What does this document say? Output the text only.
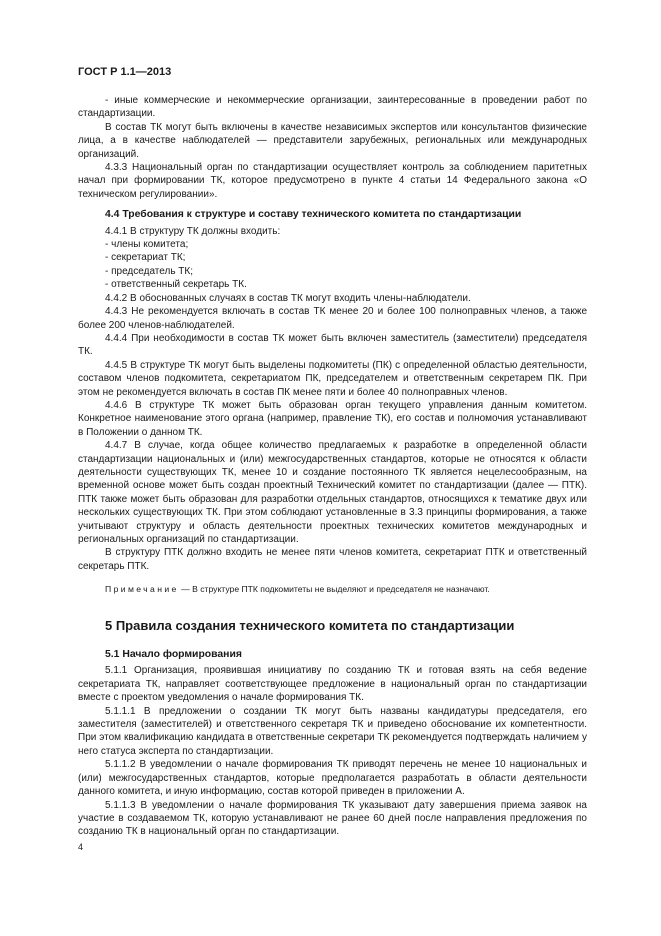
ГОСТ Р 1.1—2013

- иные коммерческие и некоммерческие организации, заинтересованные в проведении работ по стандартизации.

В состав ТК могут быть включены в качестве независимых экспертов или консультантов физические лица, а в качестве наблюдателей — представители зарубежных, региональных или международных организаций.

4.3.3 Национальный орган по стандартизации осуществляет контроль за соблюдением паритетных начал при формировании ТК, которое предусмотрено в пункте 4 статьи 14 Федерального закона «О техническом регулировании».

4.4 Требования к структуре и составу технического комитета по стандартизации

4.4.1 В структуру ТК должны входить:

- члены комитета;

- секретариат ТК;

- председатель ТК;

- ответственный секретарь ТК.

4.4.2 В обоснованных случаях в состав ТК могут входить члены-наблюдатели.

4.4.3 Не рекомендуется включать в состав ТК менее 20 и более 100 полноправных членов, а также более 200 членов-наблюдателей.

4.4.4 При необходимости в состав ТК может быть включен заместитель (заместители) председателя ТК.

4.4.5 В структуре ТК могут быть выделены подкомитеты (ПК) с определенной областью деятельности, составом членов подкомитета, секретариатом ПК, председателем и ответственным секретарем ПК. При этом не рекомендуется включать в состав ПК менее пяти и более 40 полноправных членов.

4.4.6 В структуре ТК может быть образован орган текущего управления данным комитетом. Конкретное наименование этого органа (например, правление ТК), его состав и полномочия устанавливают в Положении о данном ТК.

4.4.7 В случае, когда общее количество предлагаемых к разработке в определенной области стандартизации национальных и (или) межгосударственных стандартов, которые не относятся к области деятельности существующих ТК, менее 10 и создание постоянного ТК является нецелесообразным, на временной основе может быть создан проектный Технический комитет по стандартизации (далее — ПТК). ПТК также может быть образован для разработки отдельных стандартов, относящихся к тематике двух или нескольких существующих ТК. При этом соблюдают установленные в 3.3 принципы формирования, а также учитывают структуру и область деятельности проектных технических комитетов международных и региональных организаций по стандартизации.

В структуру ПТК должно входить не менее пяти членов комитета, секретариат ПТК и ответственный секретарь ПТК.

Примечание — В структуре ПТК подкомитеты не выделяют и председателя не назначают.
5 Правила создания технического комитета по стандартизации
5.1 Начало формирования

5.1.1 Организация, проявившая инициативу по созданию ТК и готовая взять на себя ведение секретариата ТК, направляет соответствующее предложение в национальный орган по стандартизации вместе с проектом уведомления о начале формирования ТК.

5.1.1.1 В предложении о создании ТК могут быть названы кандидатуры председателя, его заместителя (заместителей) и ответственного секретаря ТК и приведено обоснование их компетентности. При этом квалификацию кандидата в ответственные секретари ТК рекомендуется подтверждать наличием у него статуса эксперта по стандартизации.

5.1.1.2 В уведомлении о начале формирования ТК приводят перечень не менее 10 национальных и (или) межгосударственных стандартов, которые предполагается разработать в области деятельности данного комитета, и иную информацию, состав которой приведен в приложении А.

5.1.1.3 В уведомлении о начале формирования ТК указывают дату завершения приема заявок на участие в создаваемом ТК, которую устанавливают не ранее 60 дней после направления предложения по созданию ТК в национальный орган по стандартизации.

4
